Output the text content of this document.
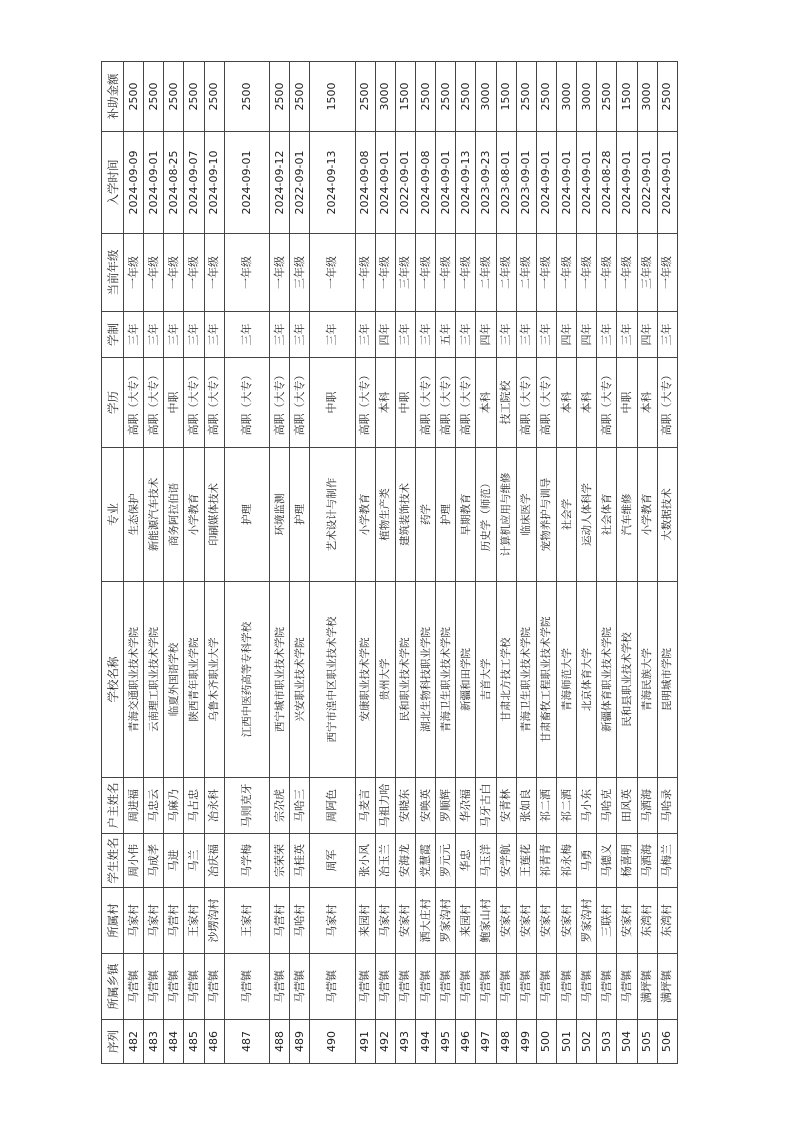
序列	所属乡镇	所属村	学生姓名	户主姓名	学校名称	专业	学历	学制	当前年级	入学时间	补助金额
482	马营镇	马家村	周小伟	周进福	青海交通职业技术学院	生态保护	高职（大专）	三年	一年级	2024-09-09	2500
483	马营镇	马家村	马成孝	马忠云	云南理工职业技术学院	新能源汽车技术	高职（大专）	三年	一年级	2024-09-01	2500
484	马营镇	马营村	马进	马麻乃	临夏外国语学校	商务阿拉伯语	中职	三年	一年级	2024-08-25	2500
485	马营镇	王家村	马兰	马占忠	陕西青年职业学院	小学教育	高职（大专）	三年	一年级	2024-09-07	2500
486	马营镇	沙塄沟村	冶庆福	冶永科	乌鲁木齐职业大学	印刷媒体技术	高职（大专）	三年	一年级	2024-09-10	2500
487	马营镇	王家村	马学梅	马则克牙	江西中医药高等专科学校	护理	高职（大专）	三年	一年级	2024-09-01	2500
488	马营镇	马营村	宗荣荣	宗尕虎	西宁城市职业技术学院	环境监测	高职（大专）	三年	一年级	2024-09-12	2500
489	马营镇	马哈村	马桂英	马哈三	兴安职业技术学院	护理	高职（大专）	三年	三年级	2022-09-01	2500
490	马营镇	马家村	周军	周阿色	西宁市湟中区职业技术学校	艺术设计与制作	中职	三年	一年级	2024-09-13	1500
491	马营镇	来园村	张小风	马麦言	安康职业技术学院	小学教育	高职（大专）	三年	一年级	2024-09-08	2500
492	马营镇	马家村	冶玉兰	马祖力哈	贵州大学	植物生产类	本科	四年	一年级	2024-09-01	3000
493	马营镇	安家村	安海龙	安晓东	民和职业技术学院	建筑装饰技术	中职	三年	三年级	2022-09-01	1500
494	马营镇	洒大庄村	党慧霞	安唤英	湖北生物科技职业学院	药学	高职（大专）	三年	一年级	2024-09-08	2500
495	马营镇	罗家沟村	罗元元	罗顺辉	青海卫生职业技术学院	护理	高职（大专）	五年	一年级	2024-09-01	2500
496	马营镇	来园村	华忠	华尕福	新疆和田学院	早期教育	高职（大专）	三年	一年级	2024-09-13	2500
497	马营镇	鲍家山村	马玉洋	马牙古白	吉首大学	历史学（师范）	本科	四年	二年级	2023-09-23	3000
498	马营镇	安家村	安学航	安青林	甘肃北方技工学校	计算机应用与维修	技工院校	三年	二年级	2023-08-01	1500
499	马营镇	安家村	王莲花	张如良	青海卫生职业技术学院	临床医学	高职（大专）	三年	二年级	2023-09-01	2500
500	马营镇	安家村	祁青青	祁二洒	甘肃畜牧工程职业技术学院	宠物养护与训导	高职（大专）	三年	一年级	2024-09-01	2500
501	马营镇	安家村	祁永梅	祁二洒	青海师范大学	社会学	本科	四年	一年级	2024-09-01	3000
502	马营镇	罗家沟村	马勇	马小东	北京体育大学	运动人体科学	本科	四年	一年级	2024-09-01	3000
503	马营镇	三联村	马德义	马哈克	新疆体育职业技术学院	社会体育	高职（大专）	三年	一年级	2024-08-28	2500
504	马营镇	安家村	杨喜明	田风英	民和县职业技术学校	汽车维修	中职	三年	一年级	2024-09-01	1500
505	满坪镇	东湾村	马洒海	马洒海	青海民族大学	小学教育	本科	四年	三年级	2022-09-01	3000
506	满坪镇	东湾村	马梅兰	马哈录	昆明城市学院	大数据技术	高职（大专）	三年	一年级	2024-09-01	2500
